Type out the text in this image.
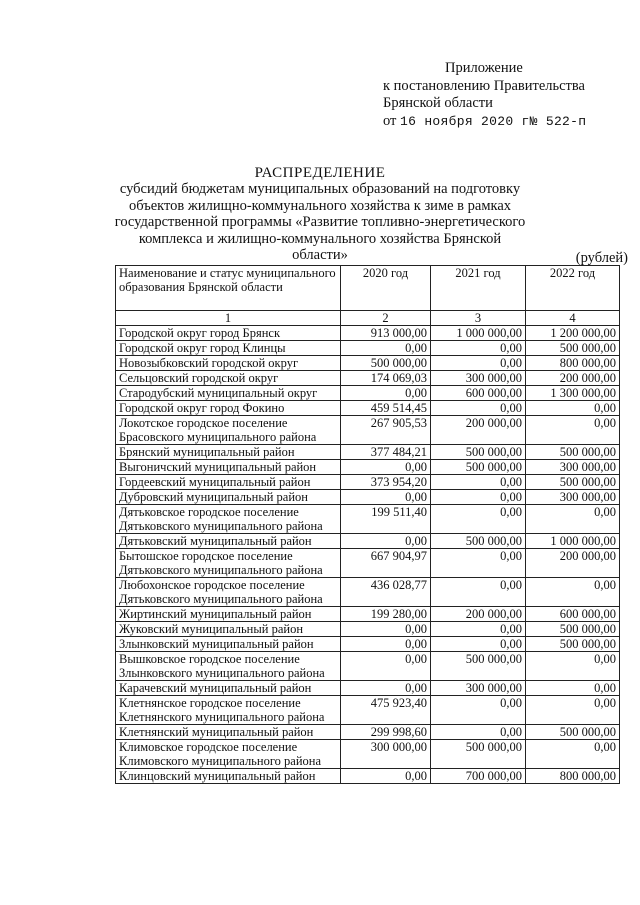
Приложение
к постановлению Правительства
Брянской области
от 16 ноября 2020 г№ 522-п
РАСПРЕДЕЛЕНИЕ
субсидий бюджетам муниципальных образований на подготовку объектов жилищно-коммунального хозяйства к зиме в рамках государственной программы «Развитие топливно-энергетического комплекса и жилищно-коммунального хозяйства Брянской области»	(рублей)
Наименование и статус муниципального образования Брянской области	2020 год	2021 год	2022 год
1	2	3	4
Городской округ город Брянск	913 000,00	1 000 000,00	1 200 000,00
Городской округ город Клинцы	0,00	0,00	500 000,00
Новозыбковский городской округ	500 000,00	0,00	800 000,00
Сельцовский городской округ	174 069,03	300 000,00	200 000,00
Стародубский муниципальный округ	0,00	600 000,00	1 300 000,00
Городской округ город Фокино	459 514,45	0,00	0,00
Локотское городское поселение Брасовского муниципального района	267 905,53	200 000,00	0,00
Брянский муниципальный район	377 484,21	500 000,00	500 000,00
Выгоничский муниципальный район	0,00	500 000,00	300 000,00
Гордеевский муниципальный район	373 954,20	0,00	500 000,00
Дубровский муниципальный район	0,00	0,00	300 000,00
Дятьковское городское поселение Дятьковского муниципального района	199 511,40	0,00	0,00
Дятьковский муниципальный район	0,00	500 000,00	1 000 000,00
Бытошское городское поселение Дятьковского муниципального района	667 904,97	0,00	200 000,00
Любохонское городское поселение Дятьковского муниципального района	436 028,77	0,00	0,00
Жиртинский муниципальный район	199 280,00	200 000,00	600 000,00
Жуковский муниципальный район	0,00	0,00	500 000,00
Злынковский муниципальный район	0,00	0,00	500 000,00
Вышковское городское поселение Злынковского муниципального района	0,00	500 000,00	0,00
Карачевский муниципальный район	0,00	300 000,00	0,00
Клетнянское городское поселение Клетнянского муниципального района	475 923,40	0,00	0,00
Клетнянский муниципальный район	299 998,60	0,00	500 000,00
Климовское городское поселение Климовского муниципального района	300 000,00	500 000,00	0,00
Клинцовский муниципальный район	0,00	700 000,00	800 000,00
